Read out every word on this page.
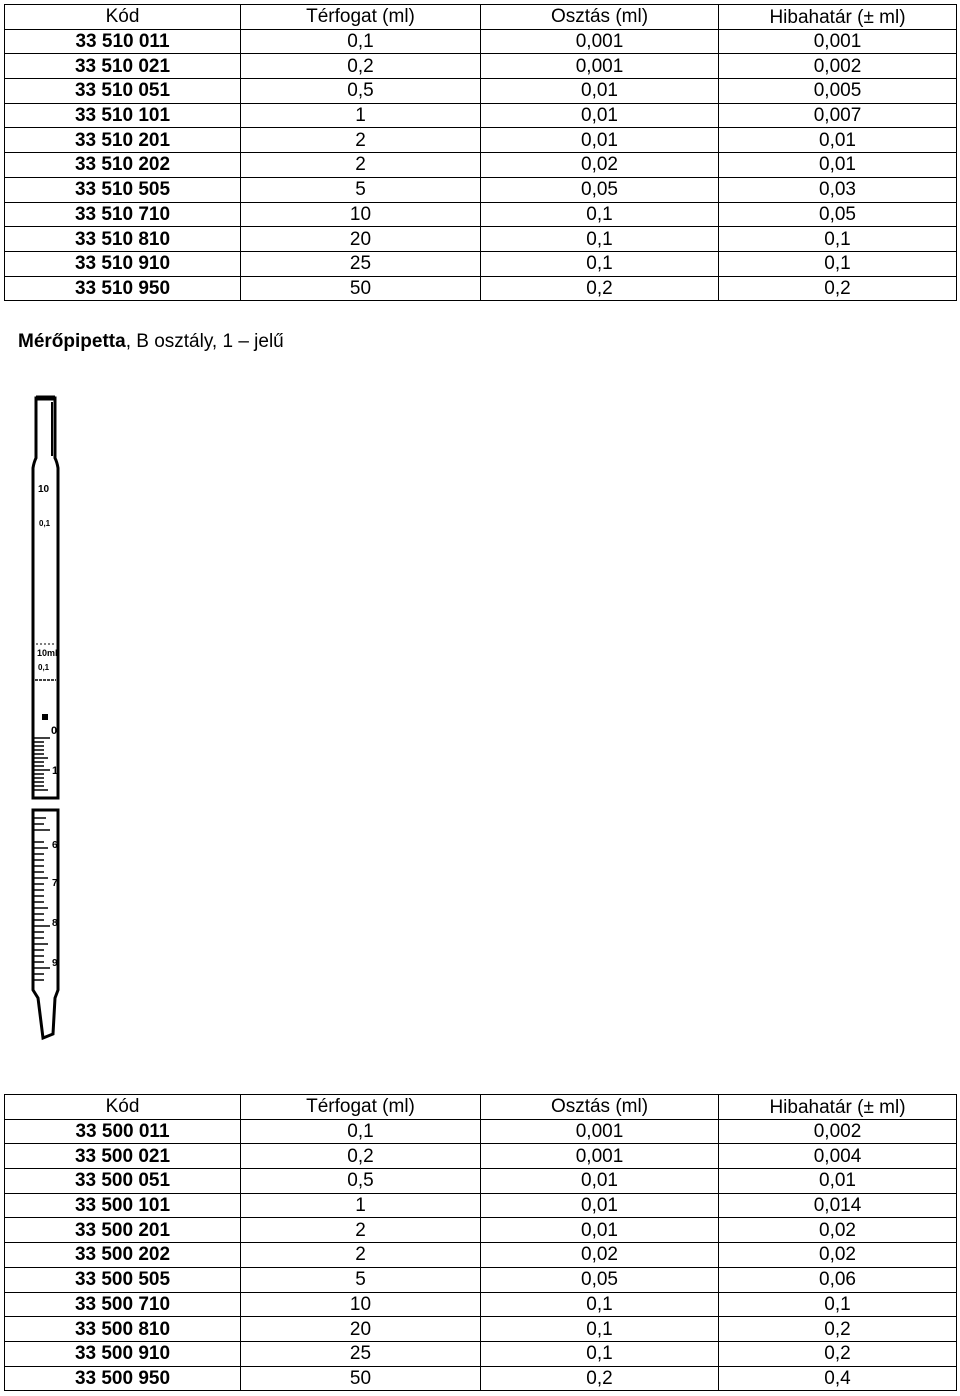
Kód	Térfogat (ml)	Osztás (ml)	Hibahatár (± ml)
33 510 011	0,1	0,001	0,001
33 510 021	0,2	0,001	0,002
33 510 051	0,5	0,01	0,005
33 510 101	1	0,01	0,007
33 510 201	2	0,01	0,01
33 510 202	2	0,02	0,01
33 510 505	5	0,05	0,03
33 510 710	10	0,1	0,05
33 510 810	20	0,1	0,1
33 510 910	25	0,1	0,1
33 510 950	50	0,2	0,2
Mérőpipetta, B osztály, 1 – jelű
10
0,1
10ml
0,1
0
1
6
7
8
9
Kód	Térfogat (ml)	Osztás (ml)	Hibahatár (± ml)
33 500 011	0,1	0,001	0,002
33 500 021	0,2	0,001	0,004
33 500 051	0,5	0,01	0,01
33 500 101	1	0,01	0,014
33 500 201	2	0,01	0,02
33 500 202	2	0,02	0,02
33 500 505	5	0,05	0,06
33 500 710	10	0,1	0,1
33 500 810	20	0,1	0,2
33 500 910	25	0,1	0,2
33 500 950	50	0,2	0,4
